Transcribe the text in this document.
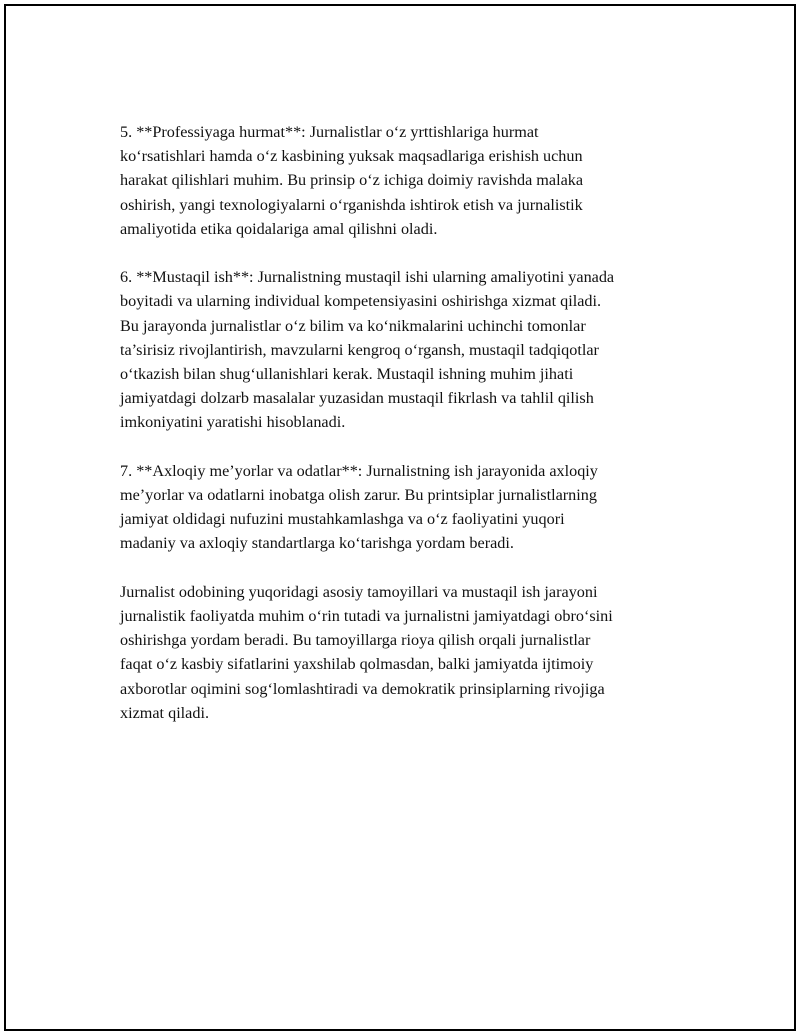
5. **Professiyaga hurmat**: Jurnalistlar o‘z yrttishlariga hurmat
ko‘rsatishlari hamda o‘z kasbining yuksak maqsadlariga erishish uchun
harakat qilishlari muhim. Bu prinsip o‘z ichiga doimiy ravishda malaka
oshirish, yangi texnologiyalarni o‘rganishda ishtirok etish va jurnalistik
amaliyotida etika qoidalariga amal qilishni oladi.

6. **Mustaqil ish**: Jurnalistning mustaqil ishi ularning amaliyotini yanada
boyitadi va ularning individual kompetensiyasini oshirishga xizmat qiladi.
Bu jarayonda jurnalistlar o‘z bilim va ko‘nikmalarini uchinchi tomonlar
ta’sirisiz rivojlantirish, mavzularni kengroq o‘rgansh, mustaqil tadqiqotlar
o‘tkazish bilan shug‘ullanishlari kerak. Mustaqil ishning muhim jihati
jamiyatdagi dolzarb masalalar yuzasidan mustaqil fikrlash va tahlil qilish
imkoniyatini yaratishi hisoblanadi.

7. **Axloqiy me’yorlar va odatlar**: Jurnalistning ish jarayonida axloqiy
me’yorlar va odatlarni inobatga olish zarur. Bu printsiplar jurnalistlarning
jamiyat oldidagi nufuzini mustahkamlashga va o‘z faoliyatini yuqori
madaniy va axloqiy standartlarga ko‘tarishga yordam beradi.

Jurnalist odobining yuqoridagi asosiy tamoyillari va mustaqil ish jarayoni
jurnalistik faoliyatda muhim o‘rin tutadi va jurnalistni jamiyatdagi obro‘sini
oshirishga yordam beradi. Bu tamoyillarga rioya qilish orqali jurnalistlar
faqat o‘z kasbiy sifatlarini yaxshilab qolmasdan, balki jamiyatda ijtimoiy
axborotlar oqimini sog‘lomlashtiradi va demokratik prinsiplarning rivojiga
xizmat qiladi.
